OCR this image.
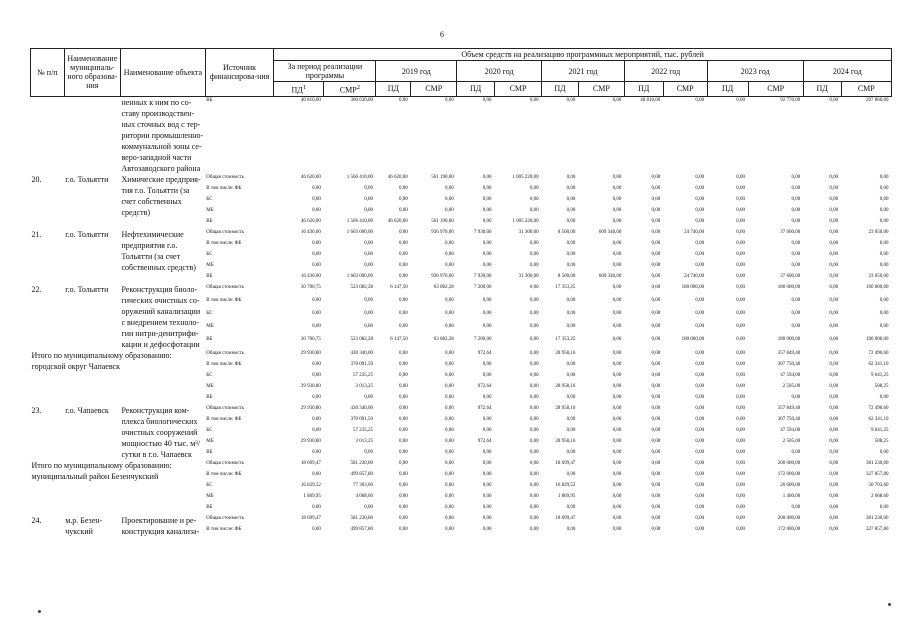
6
№ п/п	Наименование муниципаль-ного образова-ния	Наименование объекта	Источник финансирова-ния	Объем средств на реализацию программных мероприятий, тыс. рублей													
				За период реализации программы		2019 год		2020 год		2021 год		2022 год		2023 год		2024 год	
				$ПД^1$	СМР$^2$	ПД	СМР	ПД	СМР	ПД	СМР	ПД	СМР	ПД	СМР	ПД	СМР
		ненных к ним по со-ставу производствен-ных сточных вод с тер-ритории промышленно-коммунальной зоны се-веро-западной части Автозаводского района	ВБ	40 810,00	300 630,00	0,00	0,00	0,00	0,00	0,00	0,00	40 810,00	0,00	0,00	92 770,00	0,00	207 860,00
20.	г.о. Тольятти	Химические предприя-тия г.о. Тольятти (за счет собственных средств)	Общая стоимость	46 620,00	1 566 410,00	46 620,00	561 190,00	0,00	1 005 220,00	0,00	0,00	0,00	0,00	0,00	0,00	0,00	0,00
			В том числе: ФБ	0,00	0,00	0,00	0,00	0,00	0,00	0,00	0,00	0,00	0,00	0,00	0,00	0,00	0,00
			БС	0,00	0,00	0,00	0,00	0,00	0,00	0,00	0,00	0,00	0,00	0,00	0,00	0,00	0,00
			МБ	0,00	0,00	0,00	0,00	0,00	0,00	0,00	0,00	0,00	0,00	0,00	0,00	0,00	0,00
			ВБ	46 620,00	1 566 410,00	46 620,00	561 190,00	0,00	1 005 220,00	0,00	0,00	0,00	0,00	0,00	0,00	0,00	0,00
21.	г.о. Тольятти	Нефтехимические предприятия г.о. Тольятти (за счет собственных средств)	Общая стоимость	16 430,00	1 663 000,00	0,00	936 970,00	7 930,00	31 300,00	8 500,00	609 340,00	0,00	24 740,00	0,00	37 600,00	0,00	23 050,00
			В том числе: ФБ	0,00	0,00	0,00	0,00	0,00	0,00	0,00	0,00	0,00	0,00	0,00	0,00	0,00	0,00
			БС	0,00	0,00	0,00	0,00	0,00	0,00	0,00	0,00	0,00	0,00	0,00	0,00	0,00	0,00
			МБ	0,00	0,00	0,00	0,00	0,00	0,00	0,00	0,00	0,00	0,00	0,00	0,00	0,00	0,00
			ВБ	16 430,00	1 663 000,00	0,00	936 970,00	7 930,00	31 300,00	8 500,00	609 340,00	0,00	24 740,00	0,00	37 600,00	0,00	23 050,00
22.	г.о. Тольятти	Реконструкция биоло-гических очистных со-оружений канализации с внедрением техноло-гии нитри-денитрифи-кации и дефосфотации	Общая стоимость	30 700,75	523 082,28	6 147,50	63 082,28	7 200,00	0,00	17 353,25	0,00	0,00	180 000,00	0,00	180 000,00	0,00	100 000,00
			В том числе: ФБ	0,00	0,00	0,00	0,00	0,00	0,00	0,00	0,00	0,00	0,00	0,00	0,00	0,00	0,00
			БС	0,00	0,00	0,00	0,00	0,00	0,00	0,00	0,00	0,00	0,00	0,00	0,00	0,00	0,00
			МБ	0,00	0,00	0,00	0,00	0,00	0,00	0,00	0,00	0,00	0,00	0,00	0,00	0,00	0,00
			ВБ	30 700,75	523 082,28	6 147,50	63 082,28	7 200,00	0,00	17 353,25	0,00	0,00	180 000,00	0,00	180 000,00	0,00	100 000,00
Итого по муниципальному образованию: городской округ Чапаевск			Общая стоимость	29 930,80	430 340,00	0,00	0,00	972,64	0,00	28 958,16	0,00	0,00	0,00	0,00	357 849,40	0,00	72 490,60
			В том числе: ФБ	0,00	370 091,50	0,00	0,00	0,00	0,00	0,00	0,00	0,00	0,00	0,00	307 750,40	0,00	62 341,10
			БС	0,00	57 235,25	0,00	0,00	0,00	0,00	0,00	0,00	0,00	0,00	0,00	47 594,00	0,00	9 641,25
			МБ	29 930,80	3 013,25	0,00	0,00	972,64	0,00	28 958,16	0,00	0,00	0,00	0,00	2 505,00	0,00	508,25
			ВБ	0,00	0,00	0,00	0,00	0,00	0,00	0,00	0,00	0,00	0,00	0,00	0,00	0,00	0,00
23.	г.о. Чапаевск	Реконструкция ком-плекса биологических очистных сооружений мощностью 40 тыс. м³/сутки в г.о. Чапаевск	Общая стоимость	29 930,80	430 340,00	0,00	0,00	972,64	0,00	28 958,16	0,00	0,00	0,00	0,00	357 849,40	0,00	72 490,60
			В том числе: ФБ	0,00	370 091,50	0,00	0,00	0,00	0,00	0,00	0,00	0,00	0,00	0,00	307 750,40	0,00	62 341,10
			БС	0,00	57 235,25	0,00	0,00	0,00	0,00	0,00	0,00	0,00	0,00	0,00	47 594,00	0,00	9 641,25
			МБ	29 930,80	3 013,25	0,00	0,00	972,64	0,00	28 958,16	0,00	0,00	0,00	0,00	2 505,00	0,00	508,25
			ВБ	0,00	0,00	0,00	0,00	0,00	0,00	0,00	0,00	0,00	0,00	0,00	0,00	0,00	0,00
Итого по муниципальному образованию: муниципальный район Безенчукский			Общая стоимость	18 699,47	581 230,00	0,00	0,00	0,00	0,00	18 699,47	0,00	0,00	0,00	0,00	200 000,00	0,00	381 230,00
			В том числе: ФБ	0,00	499 857,80	0,00	0,00	0,00	0,00	0,00	0,00	0,00	0,00	0,00	172 000,00	0,00	327 857,80
			БС	16 829,52	77 303,60	0,00	0,00	0,00	0,00	16 829,52	0,00	0,00	0,00	0,00	26 600,00	0,00	50 703,60
			МБ	1 869,95	4 068,60	0,00	0,00	0,00	0,00	1 869,95	0,00	0,00	0,00	0,00	1 400,00	0,00	2 668,60
			ВБ	0,00	0,00	0,00	0,00	0,00	0,00	0,00	0,00	0,00	0,00	0,00	0,00	0,00	0,00
24.	м.р. Безен-чукский	Проектирование и ре-конструкция канализа-	Общая стоимость	18 699,47	581 230,00	0,00	0,00	0,00	0,00	18 699,47	0,00	0,00	0,00	0,00	200 000,00	0,00	381 230,00
			В том числе: ФБ	0,00	499 857,80	0,00	0,00	0,00	0,00	0,00	0,00	0,00	0,00	0,00	172 000,00	0,00	327 857,80
